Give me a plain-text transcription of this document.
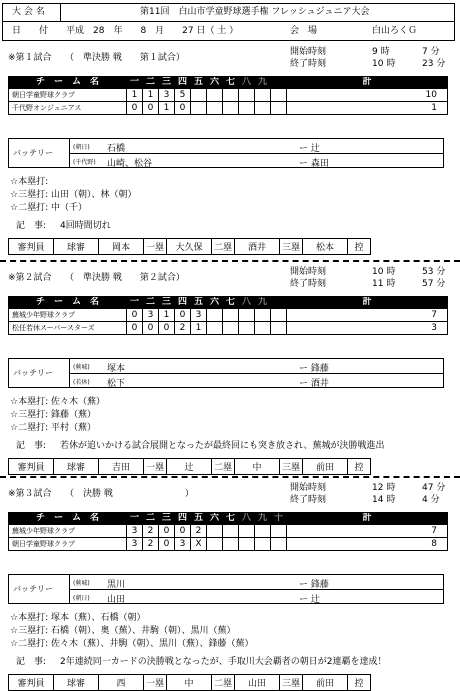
大 会 名	第11回　白山市学童野球選手権 フレッシュジュニア大会
日　　付 平成　28　年　　8　月　　27 日（ 土 ）	会　場	白山ろくＧ
※第１試合　　（　準決勝 戦　　第１試合）
開始時刻	9 時	7 分
終了時刻	10 時	23 分
チ　ー　ム　名	一	二	三	四	五	六	七	八	九		計
朝日学童野球クラブ	1	1	3	5							10
千代野オンジュニアス	0	0	1	0							1
バッテリー
(朝日) 石橋	ー 辻
(千代野) 山崎、松谷	ー 森田
☆本塁打:
☆三塁打: 山田（朝）、林（朝）
☆二塁打: 中（千）
記　事: 4回時間切れ
審判員	球審	岡本	一塁	大久保	二塁	酒井	三塁	松本	控
※第２試合　　（　準決勝 戦　　第２試合）
開始時刻	10 時	53 分
終了時刻	11 時	57 分
チ　ー　ム　名	一	二	三	四	五	六	七	八	九		計
蕪城少年野球クラブ	0	3	1	0	3						7
松任若休スーパースターズ	0	0	0	2	1						3
バッテリー
(蕪城) 塚本	ー 鋒藤
(若休) 松下	ー 酒井
☆本塁打: 佐々木（蕪）
☆三塁打: 鋒藤（蕪）
☆二塁打: 平村（蕪）
記　事: 若休が追いかける試合展開となったが最終回にも突き放され、蕪城が決勝戦進出
審判員	球審	吉田	一塁	辻	二塁	中	三塁	前田	控
※第３試合　　（　決勝 戦　　　　　　　　）
開始時刻	12 時	47 分
終了時刻	14 時	4 分
チ　ー　ム　名	一	二	三	四	五	六	七	八	九	十	計
蕪城少年野球クラブ	3	2	0	0	2						7
朝日学童野球クラブ	3	2	0	3	X						8
バッテリー
(蕪城) 黒川	ー 鋒藤
(朝日) 山田	ー 辻
☆本塁打: 塚本（蕪）、石橋（朝）
☆三塁打: 石橋（朝）、奥（蕪）、井駒（朝）、黒川（蕪）
☆二塁打: 佐々木（蕪）、井駒（朝）、黒川（蕪）、鋒藤（蕪）
記　事: 2年連続同一カードの決勝戦となったが、手取川大会覇者の朝日が2連覇を達成！
審判員	球審	西	一塁	中	二塁	山田	三塁	前田	控
